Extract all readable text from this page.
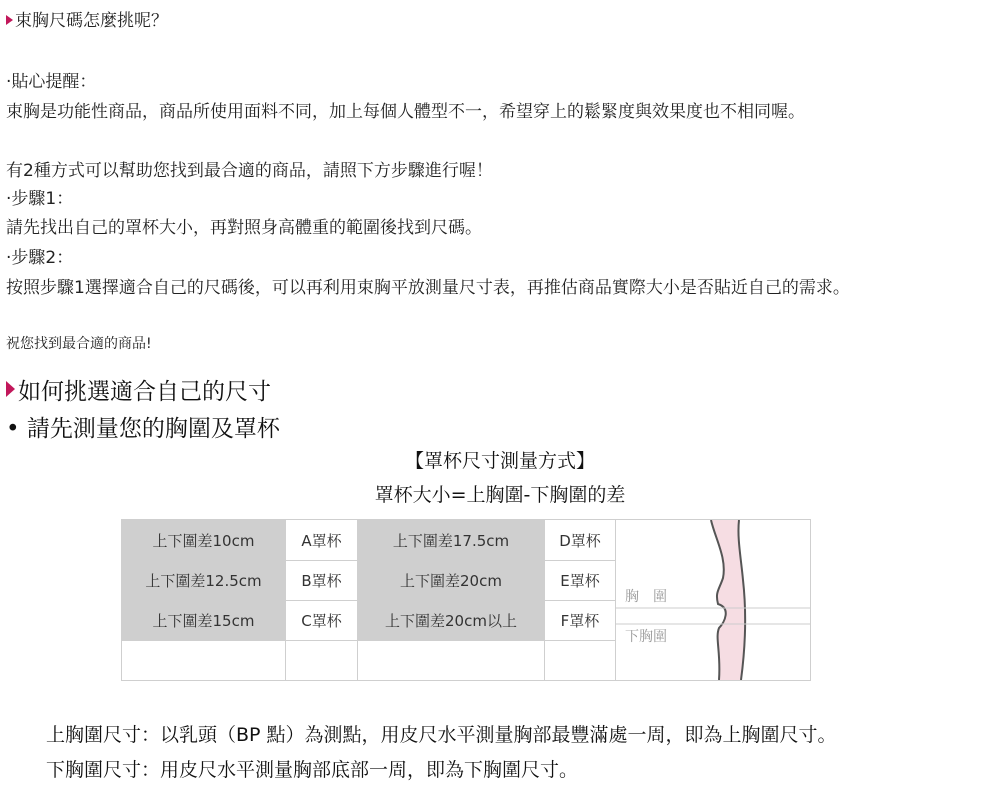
束胸尺碼怎麼挑呢？
‧貼心提醒：
束胸是功能性商品，商品所使用面料不同，加上每個人體型不一，希望穿上的鬆緊度與效果度也不相同喔。
有2種方式可以幫助您找到最合適的商品，請照下方步驟進行喔！
‧步驟1：
請先找出自己的罩杯大小，再對照身高體重的範圍後找到尺碼。
‧步驟2：
按照步驟1選擇適合自己的尺碼後，可以再利用束胸平放測量尺寸表，再推估商品實際大小是否貼近自己的需求。
祝您找到最合適的商品!
如何挑選適合自己的尺寸
• 請先測量您的胸圍及罩杯
【罩杯尺寸測量方式】
罩杯大小=上胸圍-下胸圍的差
上下圍差10cm	A罩杯	上下圍差17.5cm	D罩杯
上下圍差12.5cm	B罩杯	上下圍差20cm	E罩杯
上下圍差15cm	C罩杯	上下圍差20cm以上	F罩杯
胸　圍
下胸圍
上胸圍尺寸：以乳頭（BP 點）為測點，用皮尺水平測量胸部最豐滿處一周，即為上胸圍尺寸。
下胸圍尺寸：用皮尺水平測量胸部底部一周，即為下胸圍尺寸。
